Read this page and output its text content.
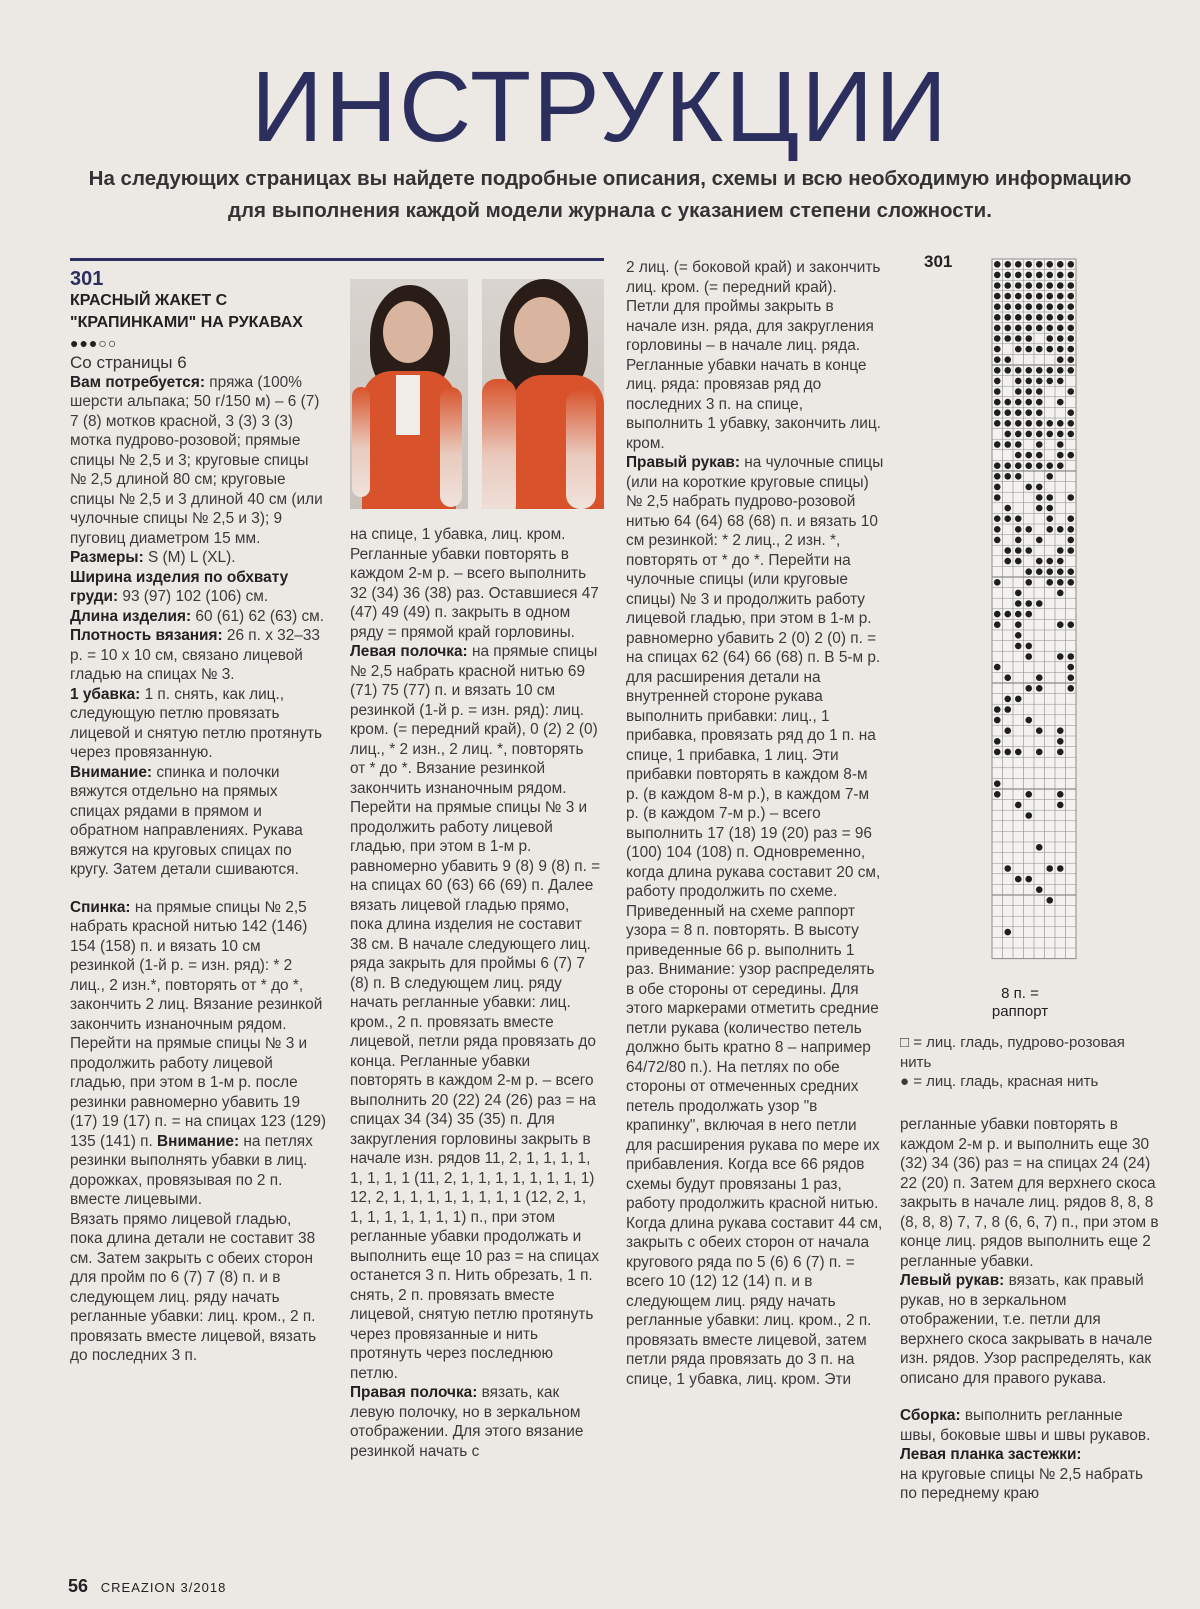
ИНСТРУКЦИИ
На следующих страницах вы найдете подробные описания, схемы и всю необходимую информацию для выполнения каждой модели журнала с указанием степени сложности.

301

КРАСНЫЙ ЖАКЕТ С "КРАПИНКАМИ" НА РУКАВАХ

●●●○○

Со страницы 6

Вам потребуется: пряжа (100% шерсти альпака; 50 г/150 м) – 6 (7) 7 (8) мотков красной, 3 (3) 3 (3) мотка пудрово-розовой; прямые спицы № 2,5 и 3; круговые спицы № 2,5 длиной 80 см; круговые спицы № 2,5 и 3 длиной 40 см (или чулочные спицы № 2,5 и 3); 9 пуговиц диаметром 15 мм.

Размеры: S (M) L (XL).

Ширина изделия по обхвату груди: 93 (97) 102 (106) см.

Длина изделия: 60 (61) 62 (63) см.

Плотность вязания: 26 п. х 32–33 р. = 10 х 10 см, связано лицевой гладью на спицах № 3.

1 убавка: 1 п. снять, как лиц., следующую петлю провязать лицевой и снятую петлю протянуть через провязанную.

Внимание: спинка и полочки вяжутся отдельно на прямых спицах рядами в прямом и обратном направлениях. Рукава вяжутся на круговых спицах по кругу. Затем детали сшиваются.

Спинка: на прямые спицы № 2,5 набрать красной нитью 142 (146) 154 (158) п. и вязать 10 см резинкой (1-й р. = изн. ряд): * 2 лиц., 2 изн.*, повторять от * до *, закончить 2 лиц. Вязание резинкой закончить изнаночным рядом. Перейти на прямые спицы № 3 и продолжить работу лицевой гладью, при этом в 1-м р. после резинки равномерно убавить 19 (17) 19 (17) п. = на спицах 123 (129) 135 (141) п. Внимание: на петлях резинки выполнять убавки в лиц. дорожках, провязывая по 2 п. вместе лицевыми.

Вязать прямо лицевой гладью, пока длина детали не составит 38 см. Затем закрыть с обеих сторон для пройм по 6 (7) 7 (8) п. и в следующем лиц. ряду начать регланные убавки: лиц. кром., 2 п. провязать вместе лицевой, вязать до последних 3 п.

на спице, 1 убавка, лиц. кром. Регланные убавки повторять в каждом 2-м р. – всего выполнить 32 (34) 36 (38) раз. Оставшиеся 47 (47) 49 (49) п. закрыть в одном ряду = прямой край горловины.

Левая полочка: на прямые спицы № 2,5 набрать красной нитью 69 (71) 75 (77) п. и вязать 10 см резинкой (1-й р. = изн. ряд): лиц. кром. (= передний край), 0 (2) 2 (0) лиц., * 2 изн., 2 лиц. *, повторять от * до *. Вязание резинкой закончить изнаночным рядом. Перейти на прямые спицы № 3 и продолжить работу лицевой гладью, при этом в 1-м р. равномерно убавить 9 (8) 9 (8) п. = на спицах 60 (63) 66 (69) п. Далее вязать лицевой гладью прямо, пока длина изделия не составит 38 см. В начале следующего лиц. ряда закрыть для проймы 6 (7) 7 (8) п. В следующем лиц. ряду начать регланные убавки: лиц. кром., 2 п. провязать вместе лицевой, петли ряда провязать до конца. Регланные убавки повторять в каждом 2-м р. – всего выполнить 20 (22) 24 (26) раз = на спицах 34 (34) 35 (35) п. Для закругления горловины закрыть в начале изн. рядов 11, 2, 1, 1, 1, 1, 1, 1, 1, 1 (11, 2, 1, 1, 1, 1, 1, 1, 1, 1) 12, 2, 1, 1, 1, 1, 1, 1, 1, 1 (12, 2, 1, 1, 1, 1, 1, 1, 1, 1) п., при этом регланные убавки продолжать и выполнить еще 10 раз = на спицах останется 3 п. Нить обрезать, 1 п. снять, 2 п. провязать вместе лицевой, снятую петлю протянуть через провязанные и нить протянуть через последнюю петлю.

Правая полочка: вязать, как левую полочку, но в зеркальном отображении. Для этого вязание резинкой начать с

2 лиц. (= боковой край) и закончить лиц. кром. (= передний край). Петли для проймы закрыть в начале изн. ряда, для закругления горловины – в начале лиц. ряда. Регланные убавки начать в конце лиц. ряда: провязав ряд до последних 3 п. на спице, выполнить 1 убавку, закончить лиц. кром.

Правый рукав: на чулочные спицы (или на короткие круговые спицы) № 2,5 набрать пудрово-розовой нитью 64 (64) 68 (68) п. и вязать 10 см резинкой: * 2 лиц., 2 изн. *, повторять от * до *. Перейти на чулочные спицы (или круговые спицы) № 3 и продолжить работу лицевой гладью, при этом в 1-м р. равномерно убавить 2 (0) 2 (0) п. = на спицах 62 (64) 66 (68) п. В 5-м р. для расширения детали на внутренней стороне рукава выполнить прибавки: лиц., 1 прибавка, провязать ряд до 1 п. на спице, 1 прибавка, 1 лиц. Эти прибавки повторять в каждом 8-м р. (в каждом 8-м р.), в каждом 7-м р. (в каждом 7-м р.) – всего выполнить 17 (18) 19 (20) раз = 96 (100) 104 (108) п. Одновременно, когда длина рукава составит 20 см, работу продолжить по схеме. Приведенный на схеме раппорт узора = 8 п. повторять. В высоту приведенные 66 р. выполнить 1 раз. Внимание: узор распределять в обе стороны от середины. Для этого маркерами отметить средние петли рукава (количество петель должно быть кратно 8 – например 64/72/80 п.). На петлях по обе стороны от отмеченных средних петель продолжать узор "в крапинку", включая в него петли для расширения рукава по мере их прибавления. Когда все 66 рядов схемы будут провязаны 1 раз, работу продолжить красной нитью. Когда длина рукава составит 44 см, закрыть с обеих сторон от начала кругового ряда по 5 (6) 6 (7) п. = всего 10 (12) 12 (14) п. и в следующем лиц. ряду начать регланные убавки: лиц. кром., 2 п. провязать вместе лицевой, затем петли ряда провязать до 3 п. на спице, 1 убавка, лиц. кром. Эти

301
8 п. =
раппорт

□ = лиц. гладь, пудрово-розовая нить

● = лиц. гладь, красная нить

регланные убавки повторять в каждом 2-м р. и выполнить еще 30 (32) 34 (36) раз = на спицах 24 (24) 22 (20) п. Затем для верхнего скоса закрыть в начале лиц. рядов 8, 8, 8 (8, 8, 8) 7, 7, 8 (6, 6, 7) п., при этом в конце лиц. рядов выполнить еще 2 регланные убавки.

Левый рукав: вязать, как правый рукав, но в зеркальном отображении, т.е. петли для верхнего скоса закрывать в начале изн. рядов. Узор распределять, как описано для правого рукава.

Сборка: выполнить регланные швы, боковые швы и швы рукавов.

Левая планка застежки:

на круговые спицы № 2,5 набрать по переднему краю

56 CREAZION 3/2018
